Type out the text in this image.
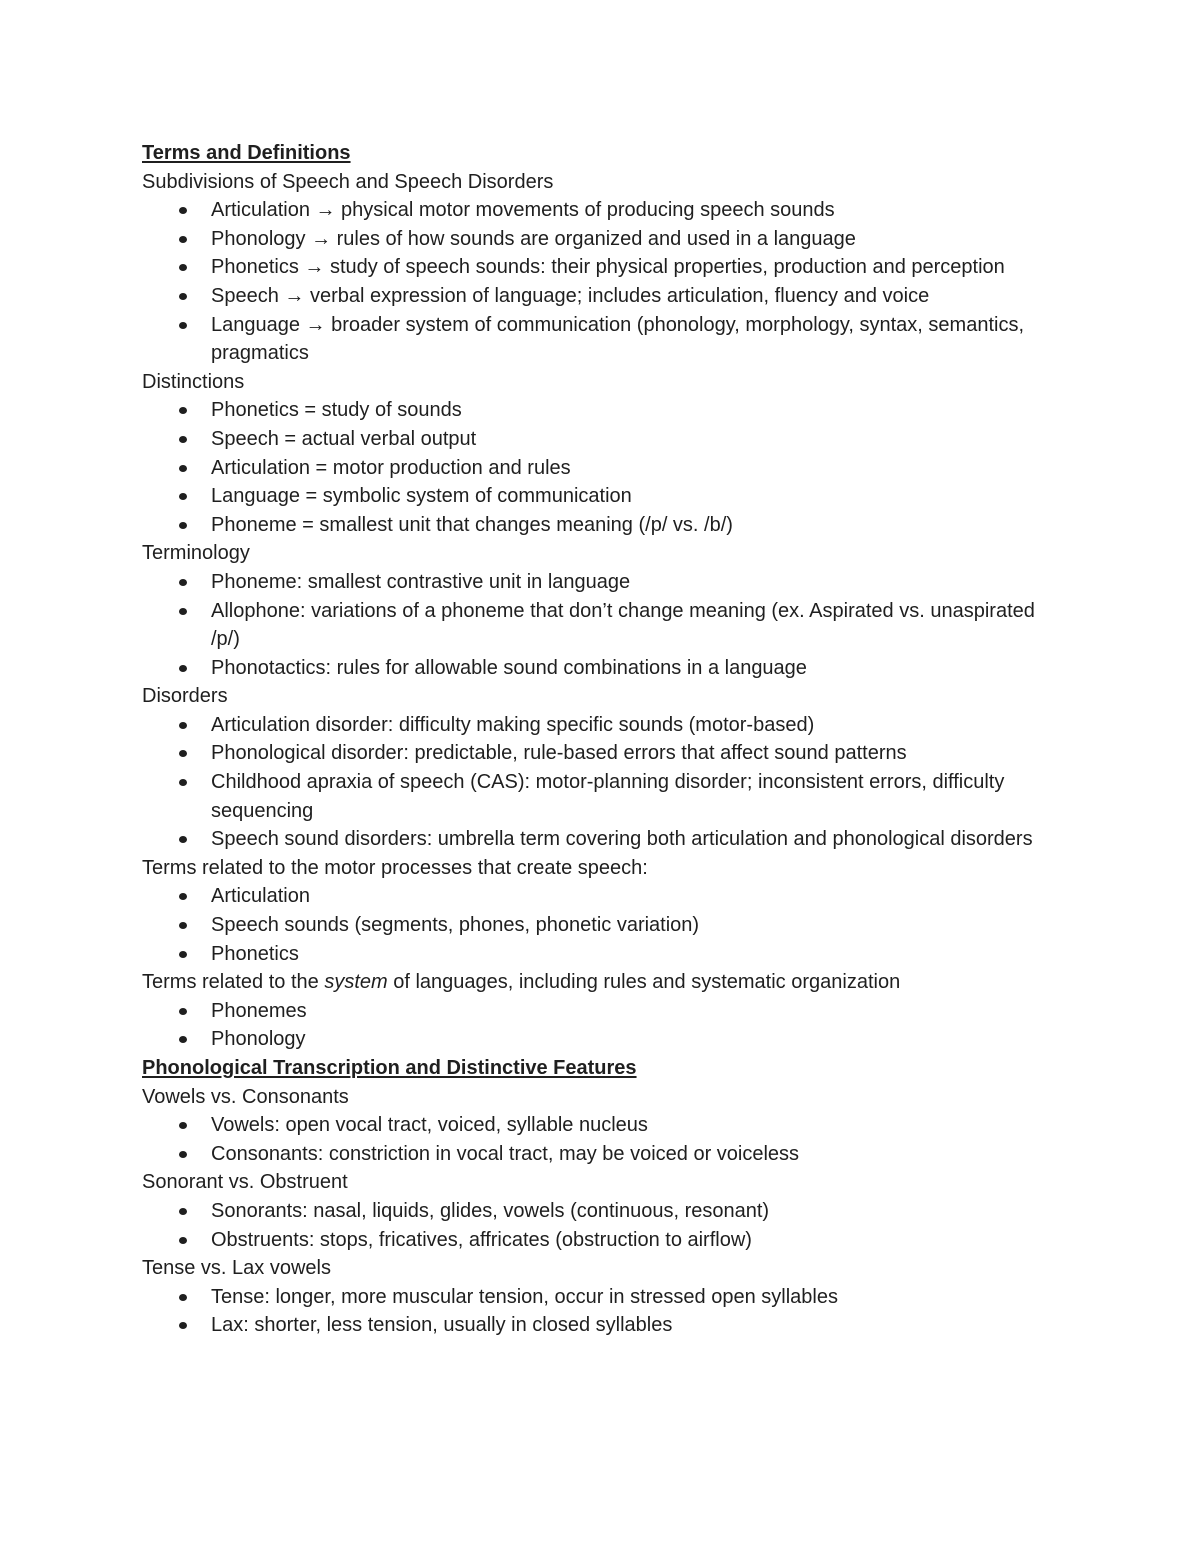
Terms and Definitions
Subdivisions of Speech and Speech Disorders
Articulation → physical motor movements of producing speech sounds
Phonology → rules of how sounds are organized and used in a language
Phonetics → study of speech sounds: their physical properties, production and perception
Speech → verbal expression of language; includes articulation, fluency and voice
Language → broader system of communication (phonology, morphology, syntax, semantics, pragmatics
Distinctions
Phonetics = study of sounds
Speech = actual verbal output
Articulation = motor production and rules
Language = symbolic system of communication
Phoneme = smallest unit that changes meaning (/p/ vs. /b/)
Terminology
Phoneme: smallest contrastive unit in language
Allophone: variations of a phoneme that don’t change meaning (ex. Aspirated vs. unaspirated /p/)
Phonotactics: rules for allowable sound combinations in a language
Disorders
Articulation disorder: difficulty making specific sounds (motor-based)
Phonological disorder: predictable, rule-based errors that affect sound patterns
Childhood apraxia of speech (CAS): motor-planning disorder; inconsistent errors, difficulty sequencing
Speech sound disorders: umbrella term covering both articulation and phonological disorders
Terms related to the motor processes that create speech:
Articulation
Speech sounds (segments, phones, phonetic variation)
Phonetics
Terms related to the system of languages, including rules and systematic organization
Phonemes
Phonology
Phonological Transcription and Distinctive Features
Vowels vs. Consonants
Vowels: open vocal tract, voiced, syllable nucleus
Consonants: constriction in vocal tract, may be voiced or voiceless
Sonorant vs. Obstruent
Sonorants: nasal, liquids, glides, vowels (continuous, resonant)
Obstruents: stops, fricatives, affricates (obstruction to airflow)
Tense vs. Lax vowels
Tense: longer, more muscular tension, occur in stressed open syllables
Lax: shorter, less tension, usually in closed syllables
